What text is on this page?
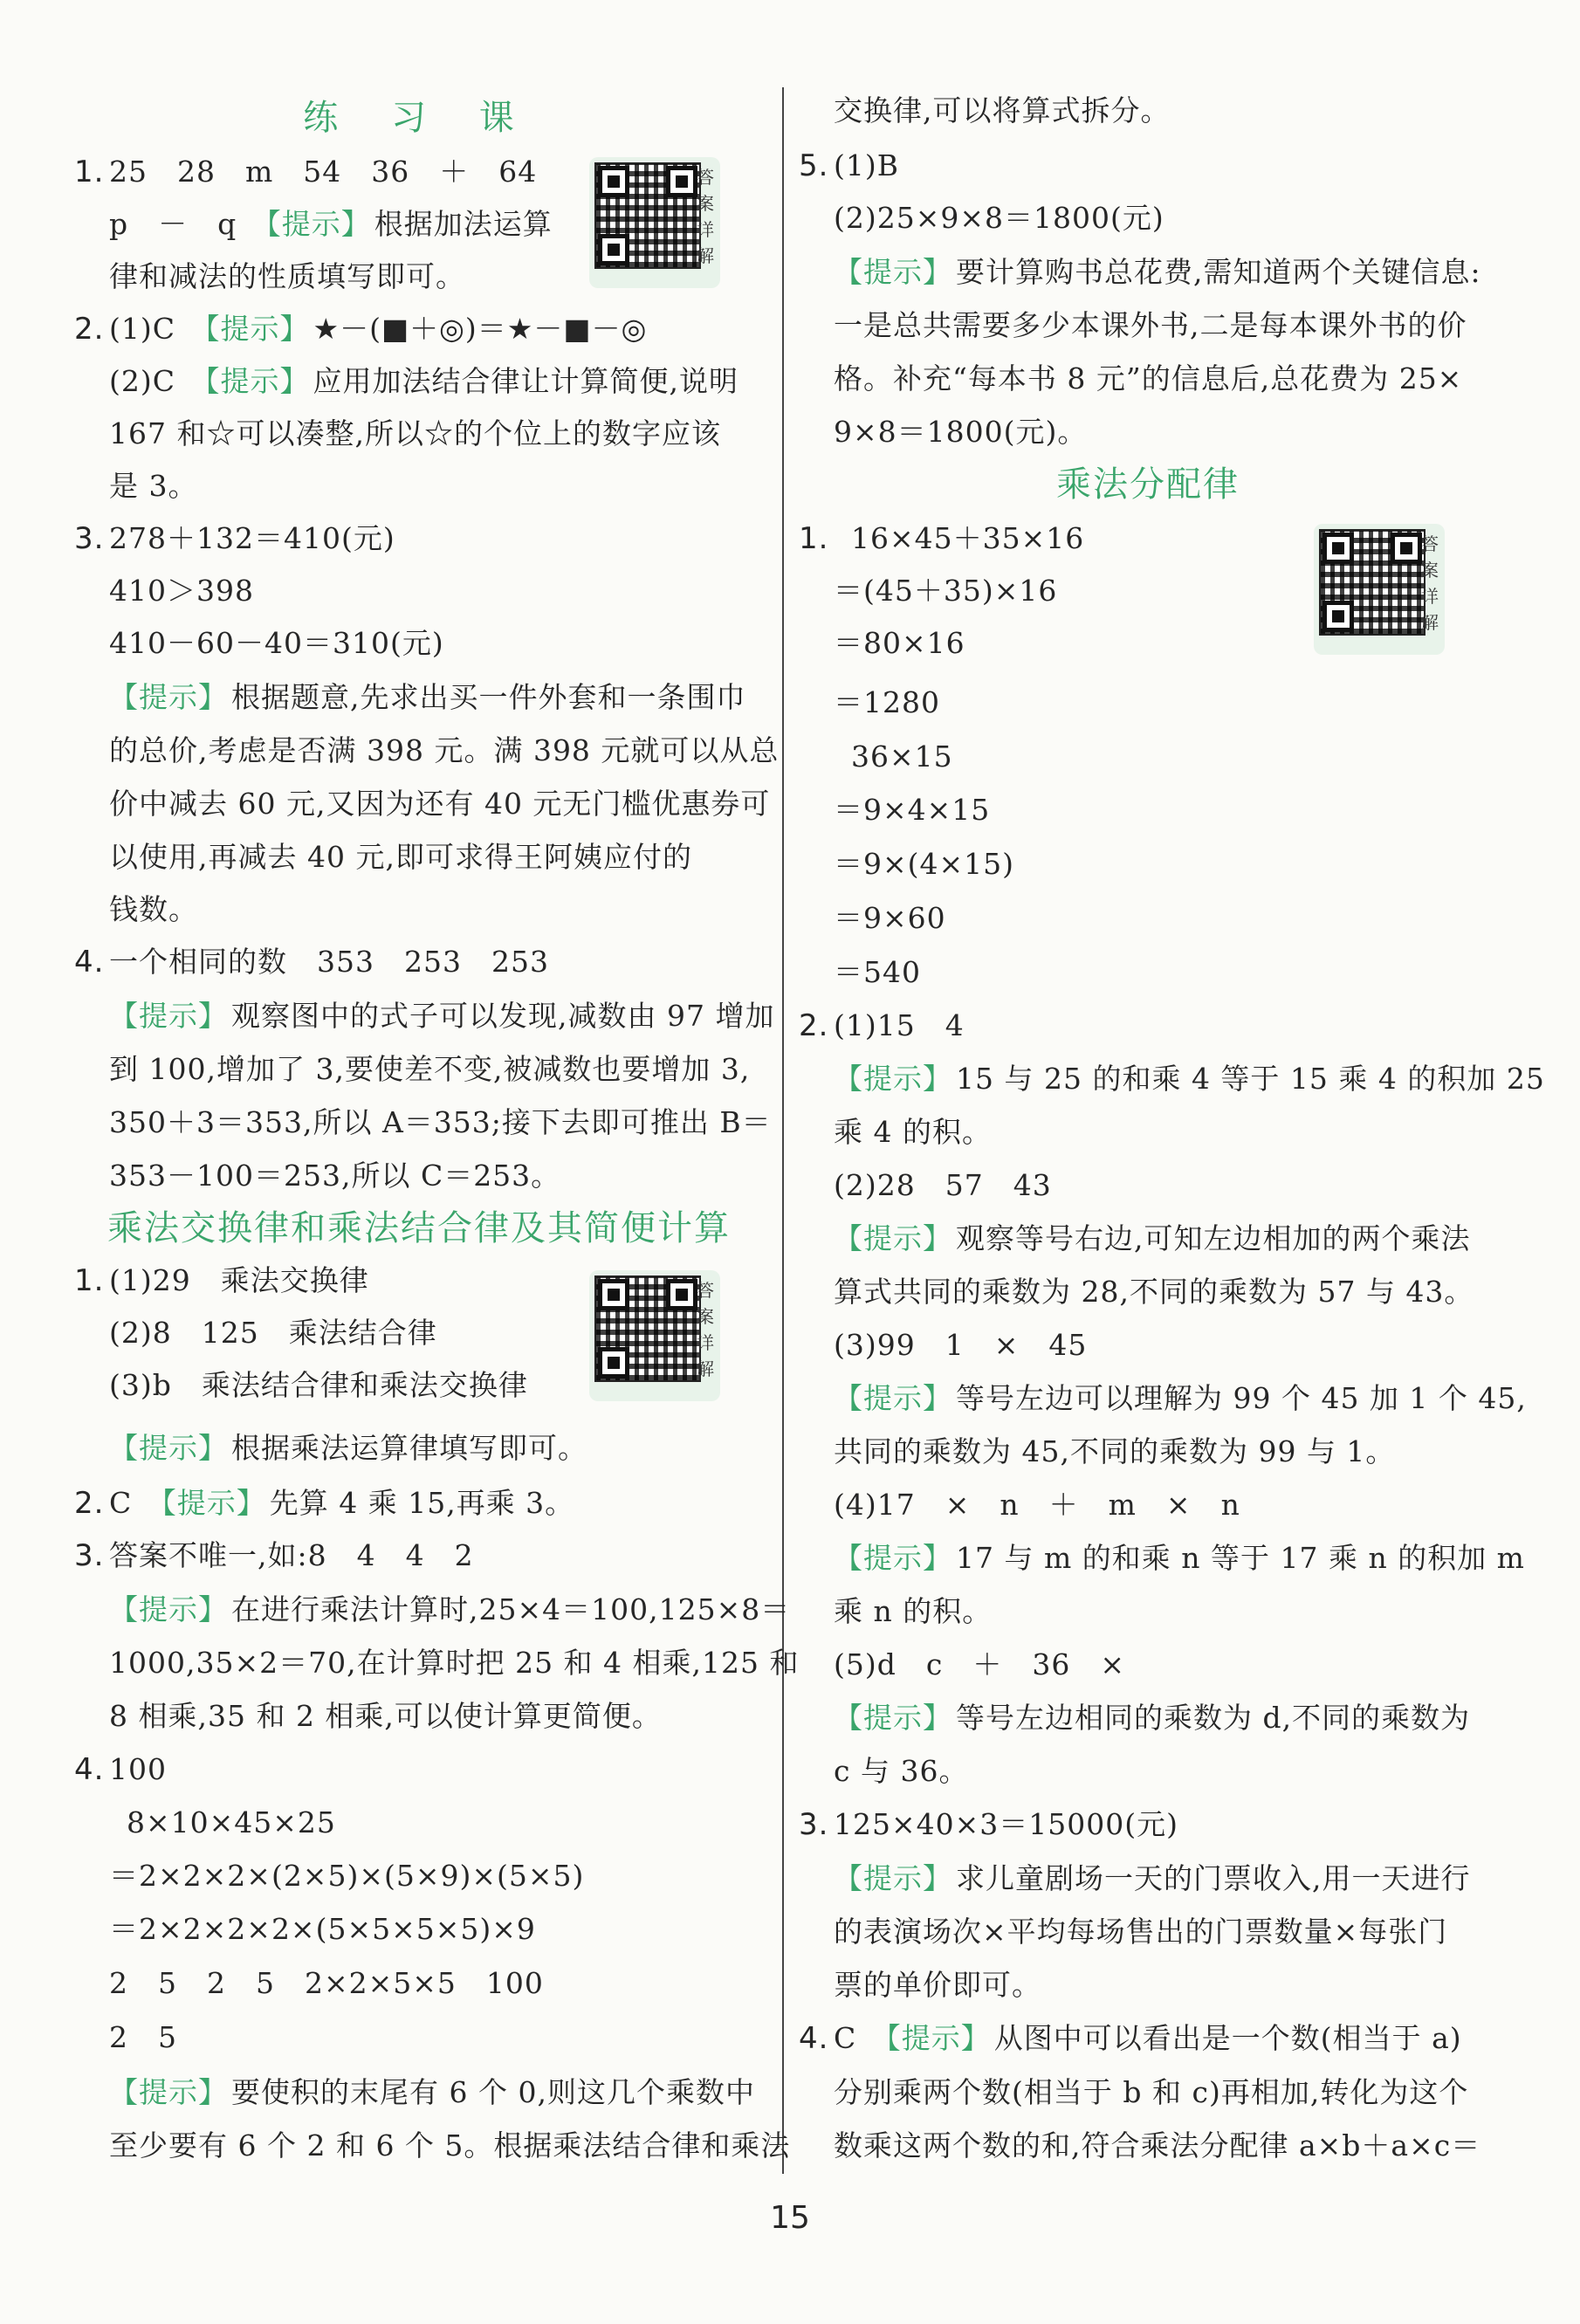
练 习 课
1. 25　28　m　54　36　＋　64
p　－　q　【提示】 根据加法运算
律和减法的性质填写即可。
答案详解
2. (1)C　【提示】 ★－(■＋◎)＝★－■－◎
(2)C　【提示】 应用加法结合律让计算简便,说明
167 和☆可以凑整,所以☆的个位上的数字应该
是 3。
3. 278＋132＝410(元)
410＞398
410－60－40＝310(元)
【提示】 根据题意,先求出买一件外套和一条围巾
的总价,考虑是否满 398 元。满 398 元就可以从总
价中减去 60 元,又因为还有 40 元无门槛优惠券可
以使用,再减去 40 元,即可求得王阿姨应付的
钱数。
4. 一个相同的数　353　253　253
【提示】 观察图中的式子可以发现,减数由 97 增加
到 100,增加了 3,要使差不变,被减数也要增加 3,
350＋3＝353,所以 A＝353;接下去即可推出 B＝
353－100＝253,所以 C＝253。
乘法交换律和乘法结合律及其简便计算
1. (1)29　乘法交换律
(2)8　125　乘法结合律
(3)b　乘法结合律和乘法交换律
答案详解
【提示】 根据乘法运算律填写即可。
2. C　【提示】 先算 4 乘 15,再乘 3。
3. 答案不唯一,如:8　4　4　2
【提示】 在进行乘法计算时,25×4＝100,125×8＝
1000,35×2＝70,在计算时把 25 和 4 相乘,125 和
8 相乘,35 和 2 相乘,可以使计算更简便。
4. 100
8×10×45×25
＝2×2×2×(2×5)×(5×9)×(5×5)
＝2×2×2×2×(5×5×5×5)×9
2　5　2　5　2×2×5×5　100
2　5
【提示】 要使积的末尾有 6 个 0,则这几个乘数中
至少要有 6 个 2 和 6 个 5。根据乘法结合律和乘法
交换律,可以将算式拆分。
5. (1)B
(2)25×9×8＝1800(元)
【提示】 要计算购书总花费,需知道两个关键信息:
一是总共需要多少本课外书,二是每本课外书的价
格。补充“每本书 8 元”的信息后,总花费为 25×
9×8＝1800(元)。
乘法分配律
1. 16×45＋35×16
＝(45＋35)×16
＝80×16
＝1280
36×15
＝9×4×15
＝9×(4×15)
＝9×60
＝540
答案详解
2. (1)15　4
【提示】 15 与 25 的和乘 4 等于 15 乘 4 的积加 25
乘 4 的积。
(2)28　57　43
【提示】 观察等号右边,可知左边相加的两个乘法
算式共同的乘数为 28,不同的乘数为 57 与 43。
(3)99　1　×　45
【提示】 等号左边可以理解为 99 个 45 加 1 个 45,
共同的乘数为 45,不同的乘数为 99 与 1。
(4)17　×　n　＋　m　×　n
【提示】 17 与 m 的和乘 n 等于 17 乘 n 的积加 m
乘 n 的积。
(5)d　c　＋　36　×
【提示】 等号左边相同的乘数为 d,不同的乘数为
c 与 36。
3. 125×40×3＝15000(元)
【提示】 求儿童剧场一天的门票收入,用一天进行
的表演场次×平均每场售出的门票数量×每张门
票的单价即可。
4. C　【提示】 从图中可以看出是一个数(相当于 a)
分别乘两个数(相当于 b 和 c)再相加,转化为这个
数乘这两个数的和,符合乘法分配律 a×b＋a×c＝
15
